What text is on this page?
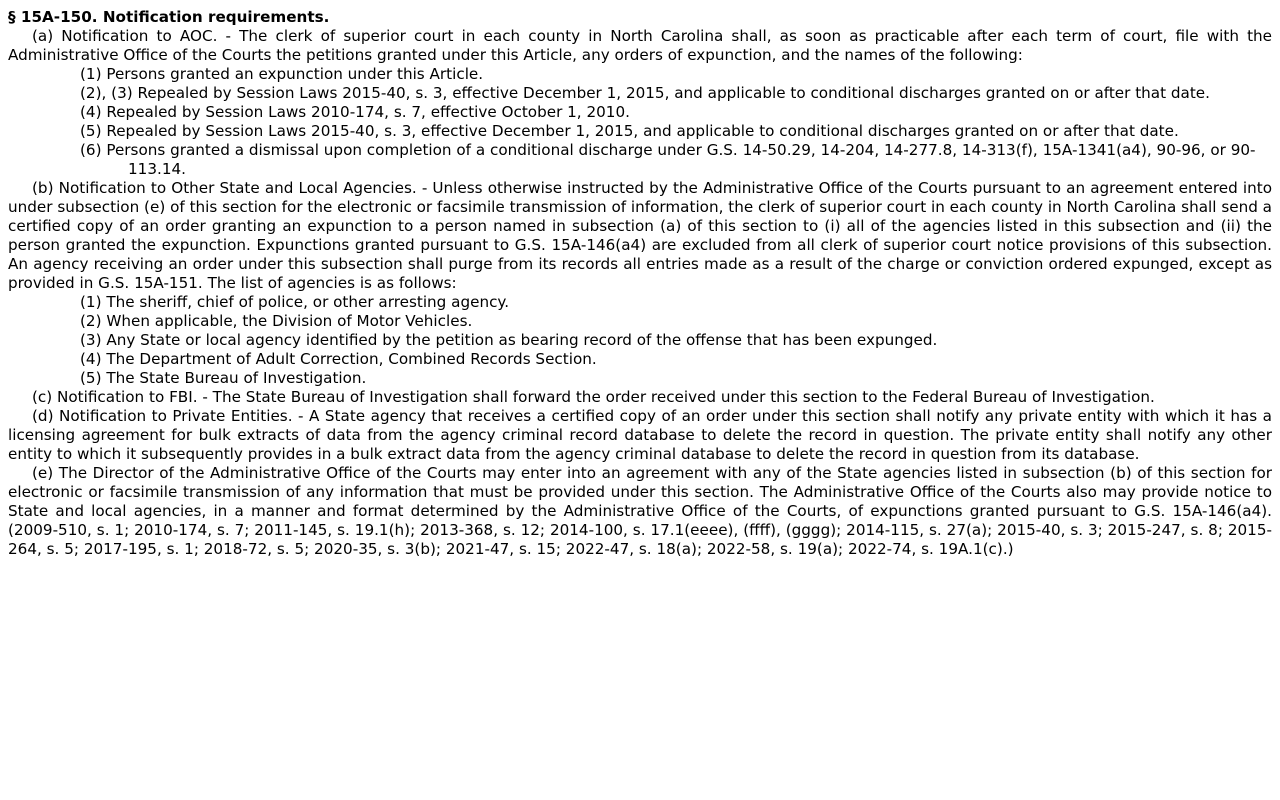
§ 15A-150. Notification requirements.

(a) Notification to AOC. - The clerk of superior court in each county in North Carolina shall, as soon as practicable after each term of court, file with the Administrative Office of the Courts the petitions granted under this Article, any orders of expunction, and the names of the following:

(1) Persons granted an expunction under this Article.

(2), (3) Repealed by Session Laws 2015-40, s. 3, effective December 1, 2015, and applicable to conditional discharges granted on or after that date.

(4) Repealed by Session Laws 2010-174, s. 7, effective October 1, 2010.

(5) Repealed by Session Laws 2015-40, s. 3, effective December 1, 2015, and applicable to conditional discharges granted on or after that date.

(6) Persons granted a dismissal upon completion of a conditional discharge under G.S. 14-50.29, 14-204, 14-277.8, 14-313(f), 15A-1341(a4), 90-96, or 90-113.14.

(b) Notification to Other State and Local Agencies. - Unless otherwise instructed by the Administrative Office of the Courts pursuant to an agreement entered into under subsection (e) of this section for the electronic or facsimile transmission of information, the clerk of superior court in each county in North Carolina shall send a certified copy of an order granting an expunction to a person named in subsection (a) of this section to (i) all of the agencies listed in this subsection and (ii) the person granted the expunction. Expunctions granted pursuant to G.S. 15A-146(a4) are excluded from all clerk of superior court notice provisions of this subsection. An agency receiving an order under this subsection shall purge from its records all entries made as a result of the charge or conviction ordered expunged, except as provided in G.S. 15A-151. The list of agencies is as follows:

(1) The sheriff, chief of police, or other arresting agency.

(2) When applicable, the Division of Motor Vehicles.

(3) Any State or local agency identified by the petition as bearing record of the offense that has been expunged.

(4) The Department of Adult Correction, Combined Records Section.

(5) The State Bureau of Investigation.

(c) Notification to FBI. - The State Bureau of Investigation shall forward the order received under this section to the Federal Bureau of Investigation.

(d) Notification to Private Entities. - A State agency that receives a certified copy of an order under this section shall notify any private entity with which it has a licensing agreement for bulk extracts of data from the agency criminal record database to delete the record in question. The private entity shall notify any other entity to which it subsequently provides in a bulk extract data from the agency criminal database to delete the record in question from its database.

(e) The Director of the Administrative Office of the Courts may enter into an agreement with any of the State agencies listed in subsection (b) of this section for electronic or facsimile transmission of any information that must be provided under this section. The Administrative Office of the Courts also may provide notice to State and local agencies, in a manner and format determined by the Administrative Office of the Courts, of expunctions granted pursuant to G.S. 15A-146(a4). (2009-510, s. 1; 2010-174, s. 7; 2011-145, s. 19.1(h); 2013-368, s. 12; 2014-100, s. 17.1(eeee), (ffff), (gggg); 2014-115, s. 27(a); 2015-40, s. 3; 2015-247, s. 8; 2015-264, s. 5; 2017-195, s. 1; 2018-72, s. 5; 2020-35, s. 3(b); 2021-47, s. 15; 2022-47, s. 18(a); 2022-58, s. 19(a); 2022-74, s. 19A.1(c).)
